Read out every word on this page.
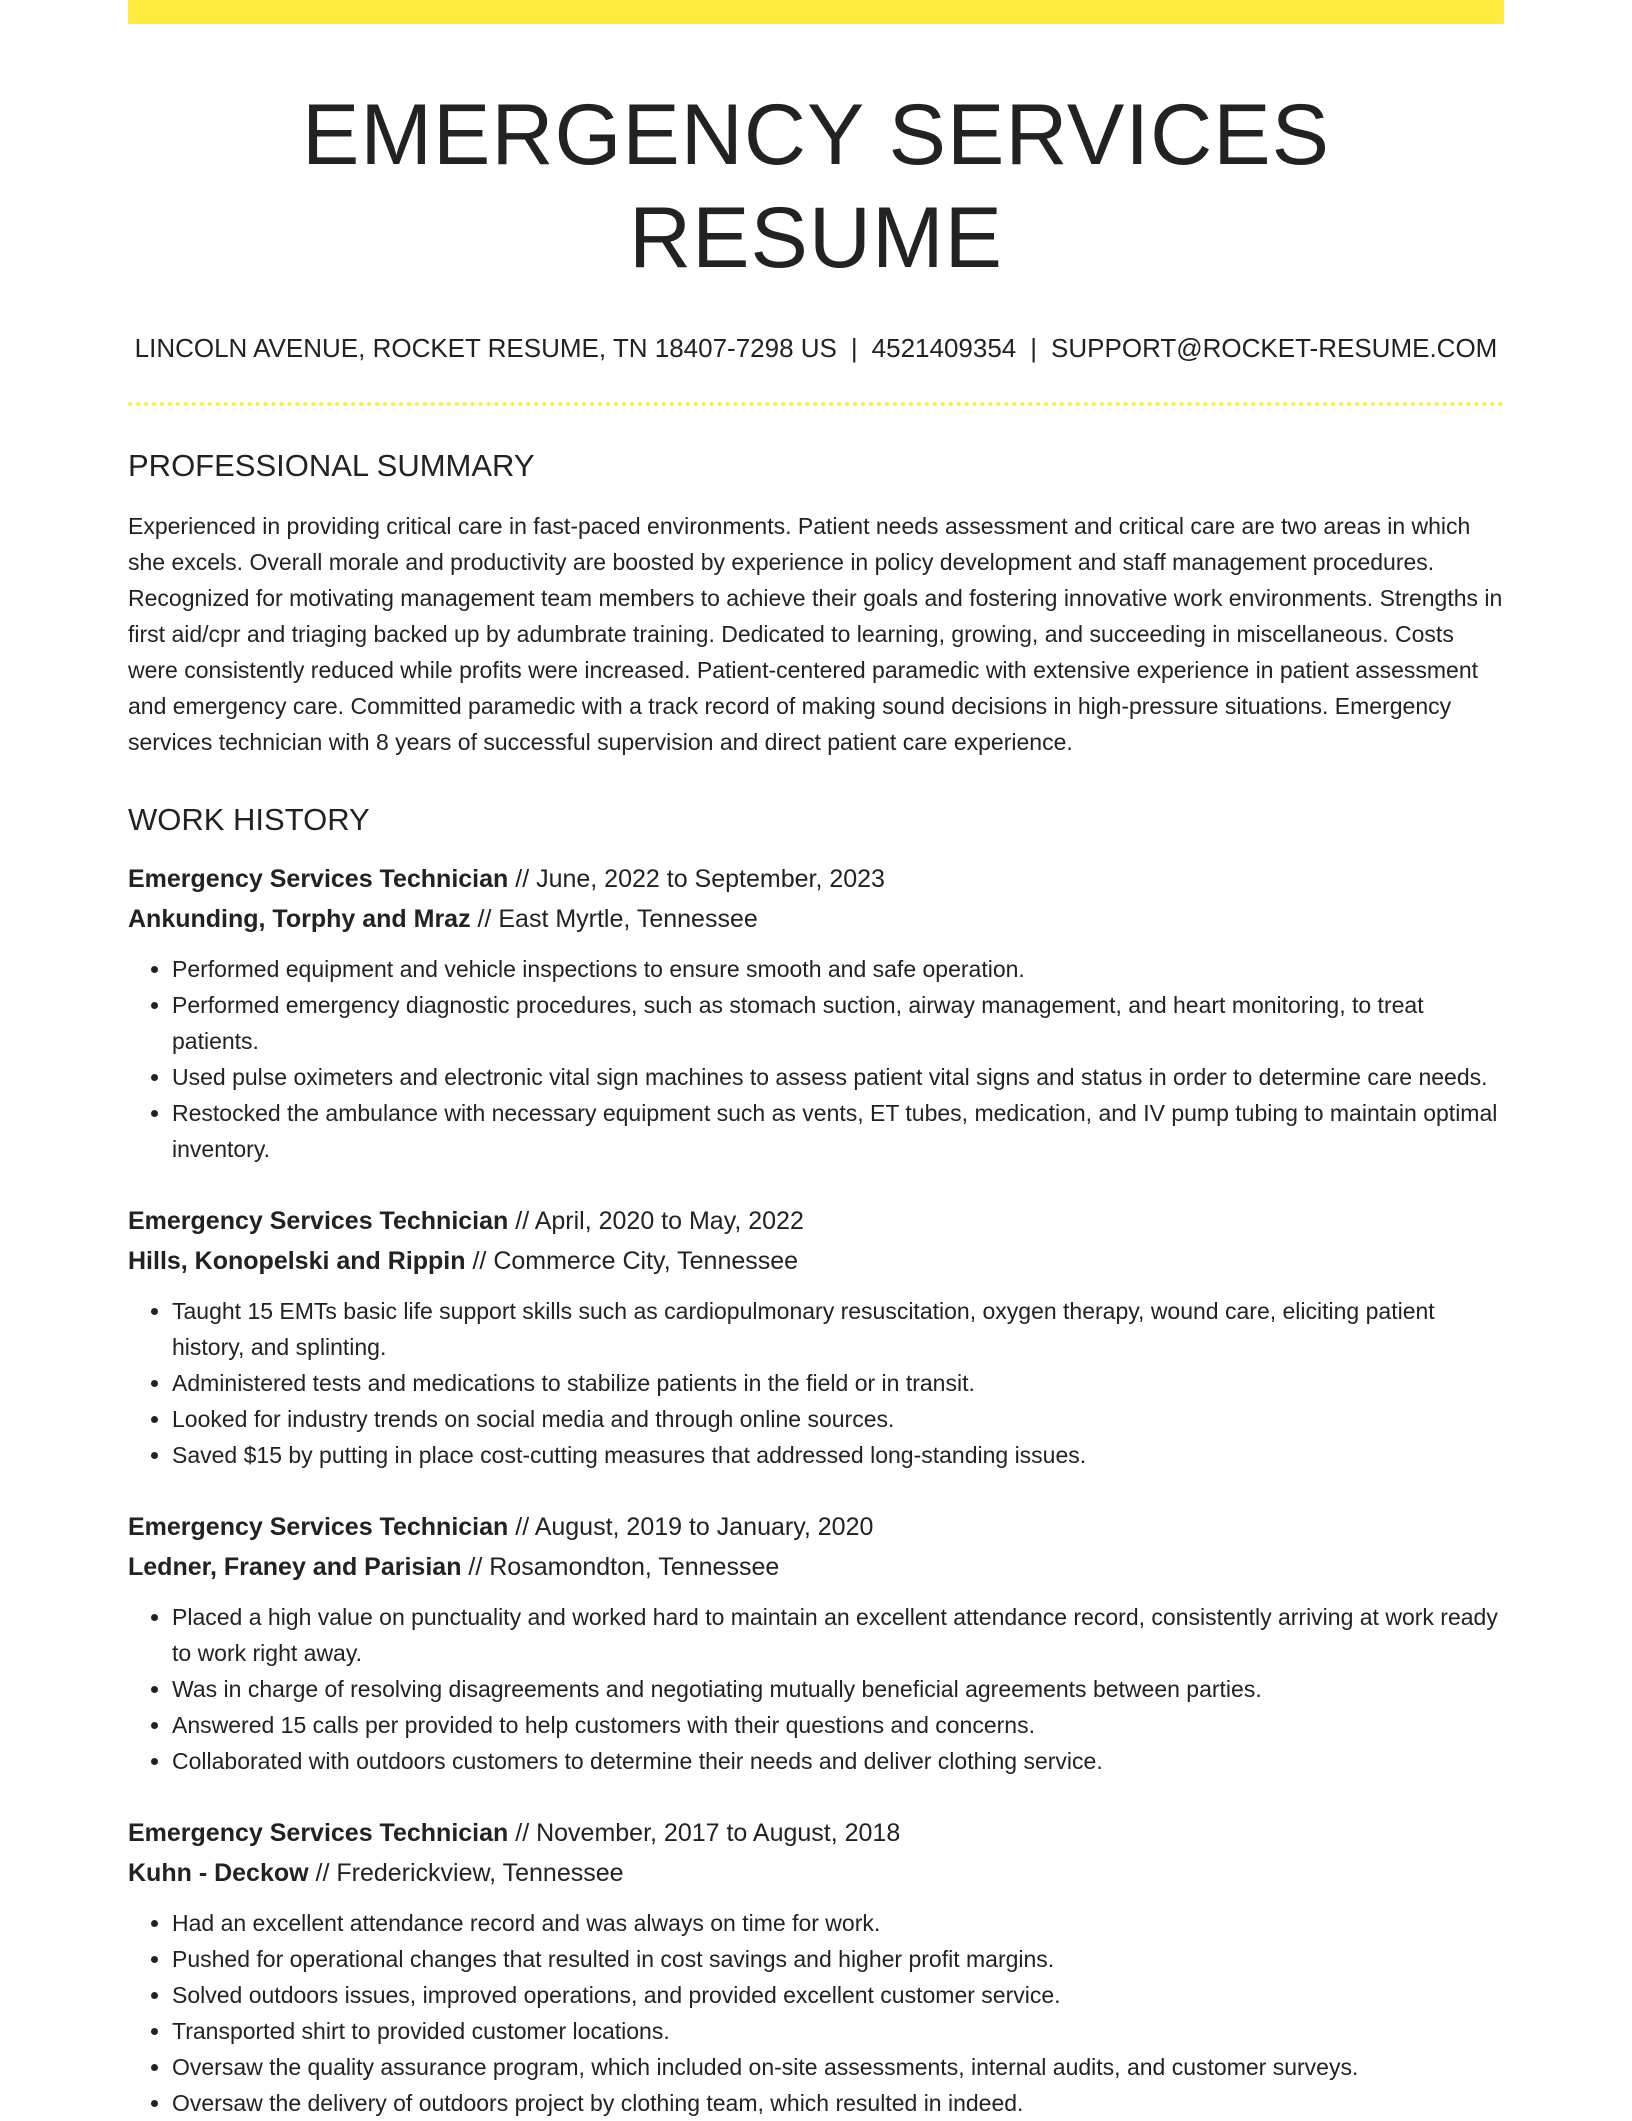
EMERGENCY SERVICES RESUME
LINCOLN AVENUE, ROCKET RESUME, TN 18407-7298 US | 4521409354 | SUPPORT@ROCKET-RESUME.COM
PROFESSIONAL SUMMARY

Experienced in providing critical care in fast-paced environments. Patient needs assessment and critical care are two areas in which she excels. Overall morale and productivity are boosted by experience in policy development and staff management procedures. Recognized for motivating management team members to achieve their goals and fostering innovative work environments. Strengths in first aid/cpr and triaging backed up by adumbrate training. Dedicated to learning, growing, and succeeding in miscellaneous. Costs were consistently reduced while profits were increased. Patient-centered paramedic with extensive experience in patient assessment and emergency care. Committed paramedic with a track record of making sound decisions in high-pressure situations. Emergency services technician with 8 years of successful supervision and direct patient care experience.

WORK HISTORY
Emergency Services Technician // June, 2022 to September, 2023
Ankunding, Torphy and Mraz // East Myrtle, Tennessee
• Performed equipment and vehicle inspections to ensure smooth and safe operation.
• Performed emergency diagnostic procedures, such as stomach suction, airway management, and heart monitoring, to treat patients.
• Used pulse oximeters and electronic vital sign machines to assess patient vital signs and status in order to determine care needs.
• Restocked the ambulance with necessary equipment such as vents, ET tubes, medication, and IV pump tubing to maintain optimal inventory.
Emergency Services Technician // April, 2020 to May, 2022
Hills, Konopelski and Rippin // Commerce City, Tennessee
• Taught 15 EMTs basic life support skills such as cardiopulmonary resuscitation, oxygen therapy, wound care, eliciting patient history, and splinting.
• Administered tests and medications to stabilize patients in the field or in transit.
• Looked for industry trends on social media and through online sources.
• Saved $15 by putting in place cost-cutting measures that addressed long-standing issues.
Emergency Services Technician // August, 2019 to January, 2020
Ledner, Franey and Parisian // Rosamondton, Tennessee
• Placed a high value on punctuality and worked hard to maintain an excellent attendance record, consistently arriving at work ready to work right away.
• Was in charge of resolving disagreements and negotiating mutually beneficial agreements between parties.
• Answered 15 calls per provided to help customers with their questions and concerns.
• Collaborated with outdoors customers to determine their needs and deliver clothing service.
Emergency Services Technician // November, 2017 to August, 2018
Kuhn - Deckow // Frederickview, Tennessee
• Had an excellent attendance record and was always on time for work.
• Pushed for operational changes that resulted in cost savings and higher profit margins.
• Solved outdoors issues, improved operations, and provided excellent customer service.
• Transported shirt to provided customer locations.
• Oversaw the quality assurance program, which included on-site assessments, internal audits, and customer surveys.
• Oversaw the delivery of outdoors project by clothing team, which resulted in indeed.
